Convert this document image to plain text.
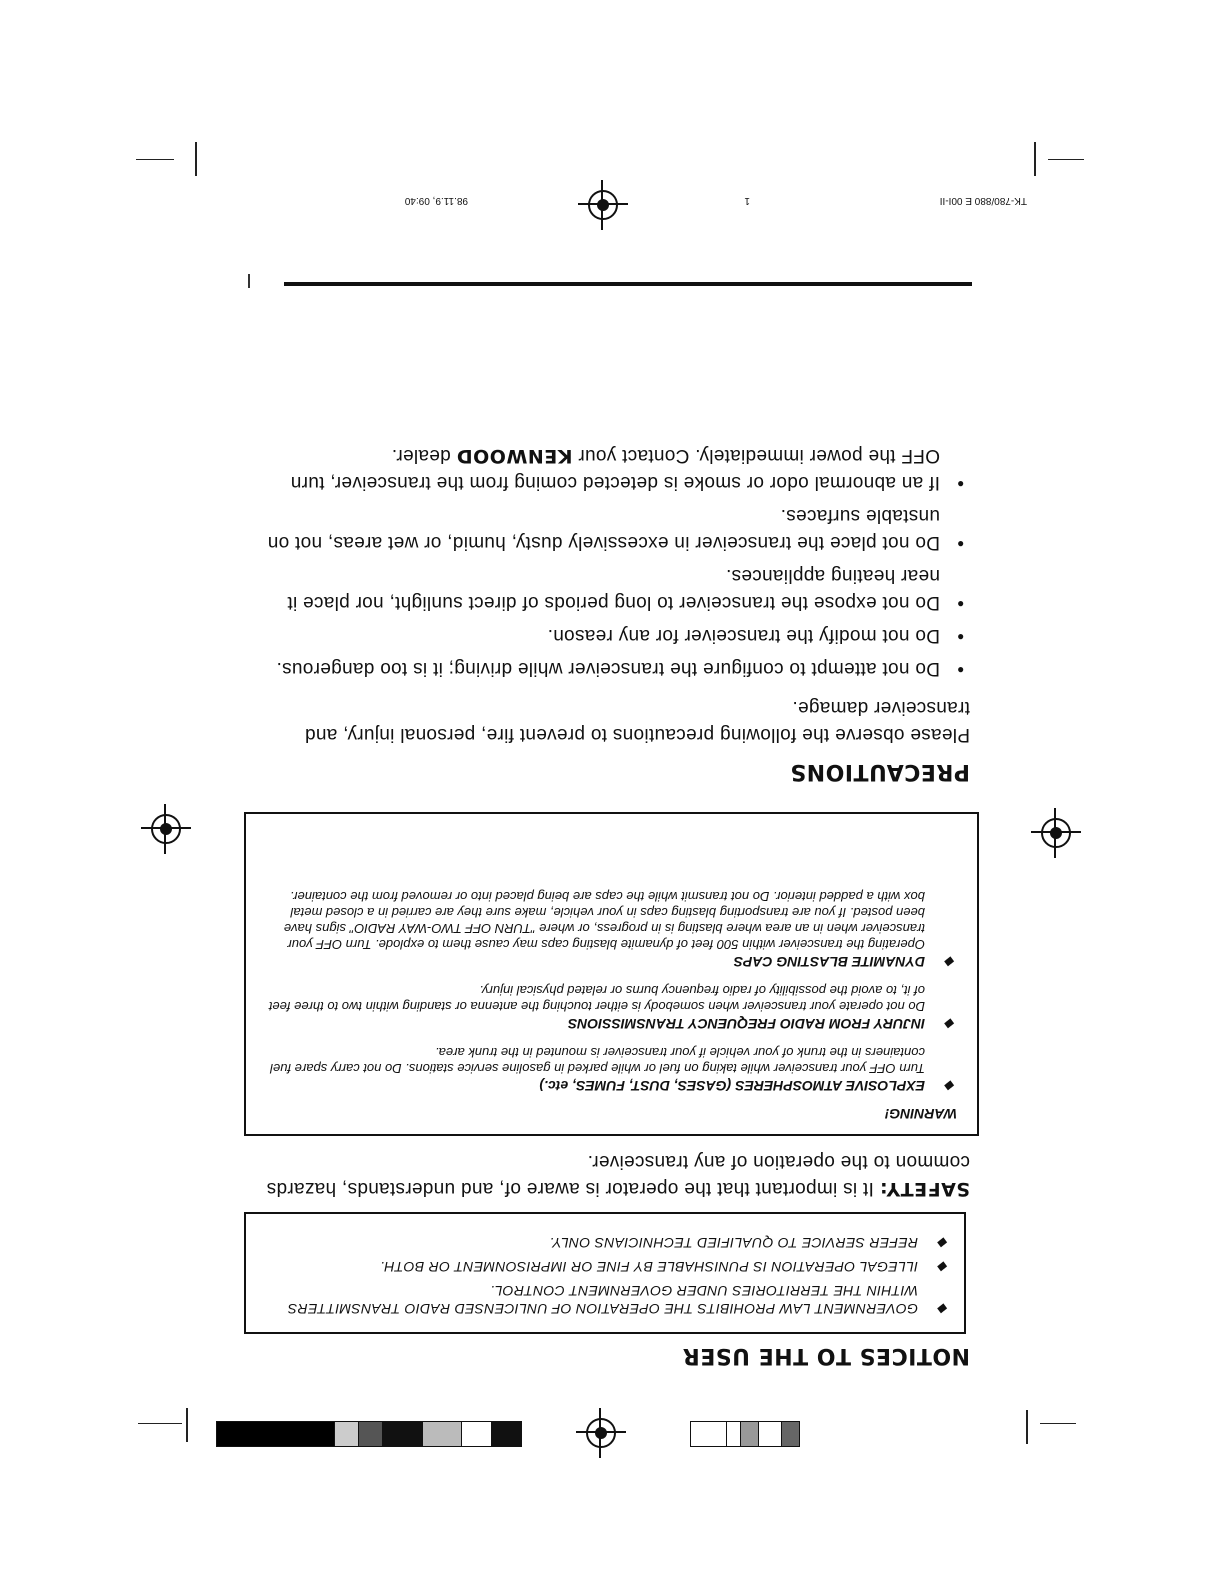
TK-780/880 E 00I-II
1
98.11.9, 09:40
NOTICES TO THE USER
◆
GOVERNMENT LAW PROHIBITS THE OPERATION OF UNLICENSED RADIO TRANSMITTERS WITHIN THE TERRITORIES UNDER GOVERNMENT CONTROL.
◆
ILLEGAL OPERATION IS PUNISHABLE BY FINE OR IMPRISONMENT OR BOTH.
◆
REFER SERVICE TO QUALIFIED TECHNICIANS ONLY.
SAFETY: It is important that the operator is aware of, and understands, hazards common to the operation of any transceiver.
WARNING!
◆
EXPLOSIVE ATMOSPHERES (GASES, DUST, FUMES, etc.)
Turn OFF your transceiver while taking on fuel or while parked in gasoline service stations. Do not carry spare fuel containers in the trunk of your vehicle if your transceiver is mounted in the trunk area.
◆
INJURY FROM RADIO FREQUENCY TRANSMISSIONS
Do not operate your transceiver when somebody is either touching the antenna or standing within two to three feet of it, to avoid the possibility of radio frequency burns or related physical injury.
◆
DYNAMITE BLASTING CAPS
Operating the transceiver within 500 feet of dynamite blasting caps may cause them to explode. Turn OFF your transceiver when in an area where blasting is in progress, or where "TURN OFF TWO-WAY RADIO" signs have been posted. If you are transporting blasting caps in your vehicle, make sure they are carried in a closed metal box with a padded interior. Do not transmit while the caps are being placed into or removed from the container.
PRECAUTIONS
Please observe the following precautions to prevent fire, personal injury, and transceiver damage.
•
Do not attempt to configure the transceiver while driving; it is too dangerous.
•
Do not modify the transceiver for any reason.
•
Do not expose the transceiver to long periods of direct sunlight, nor place it near heating appliances.
•
Do not place the transceiver in excessively dusty, humid, or wet areas, not on unstable surfaces.
•
If an abnormal odor or smoke is detected coming from the transceiver, turn OFF the power immediately. Contact your KENWOOD dealer.
